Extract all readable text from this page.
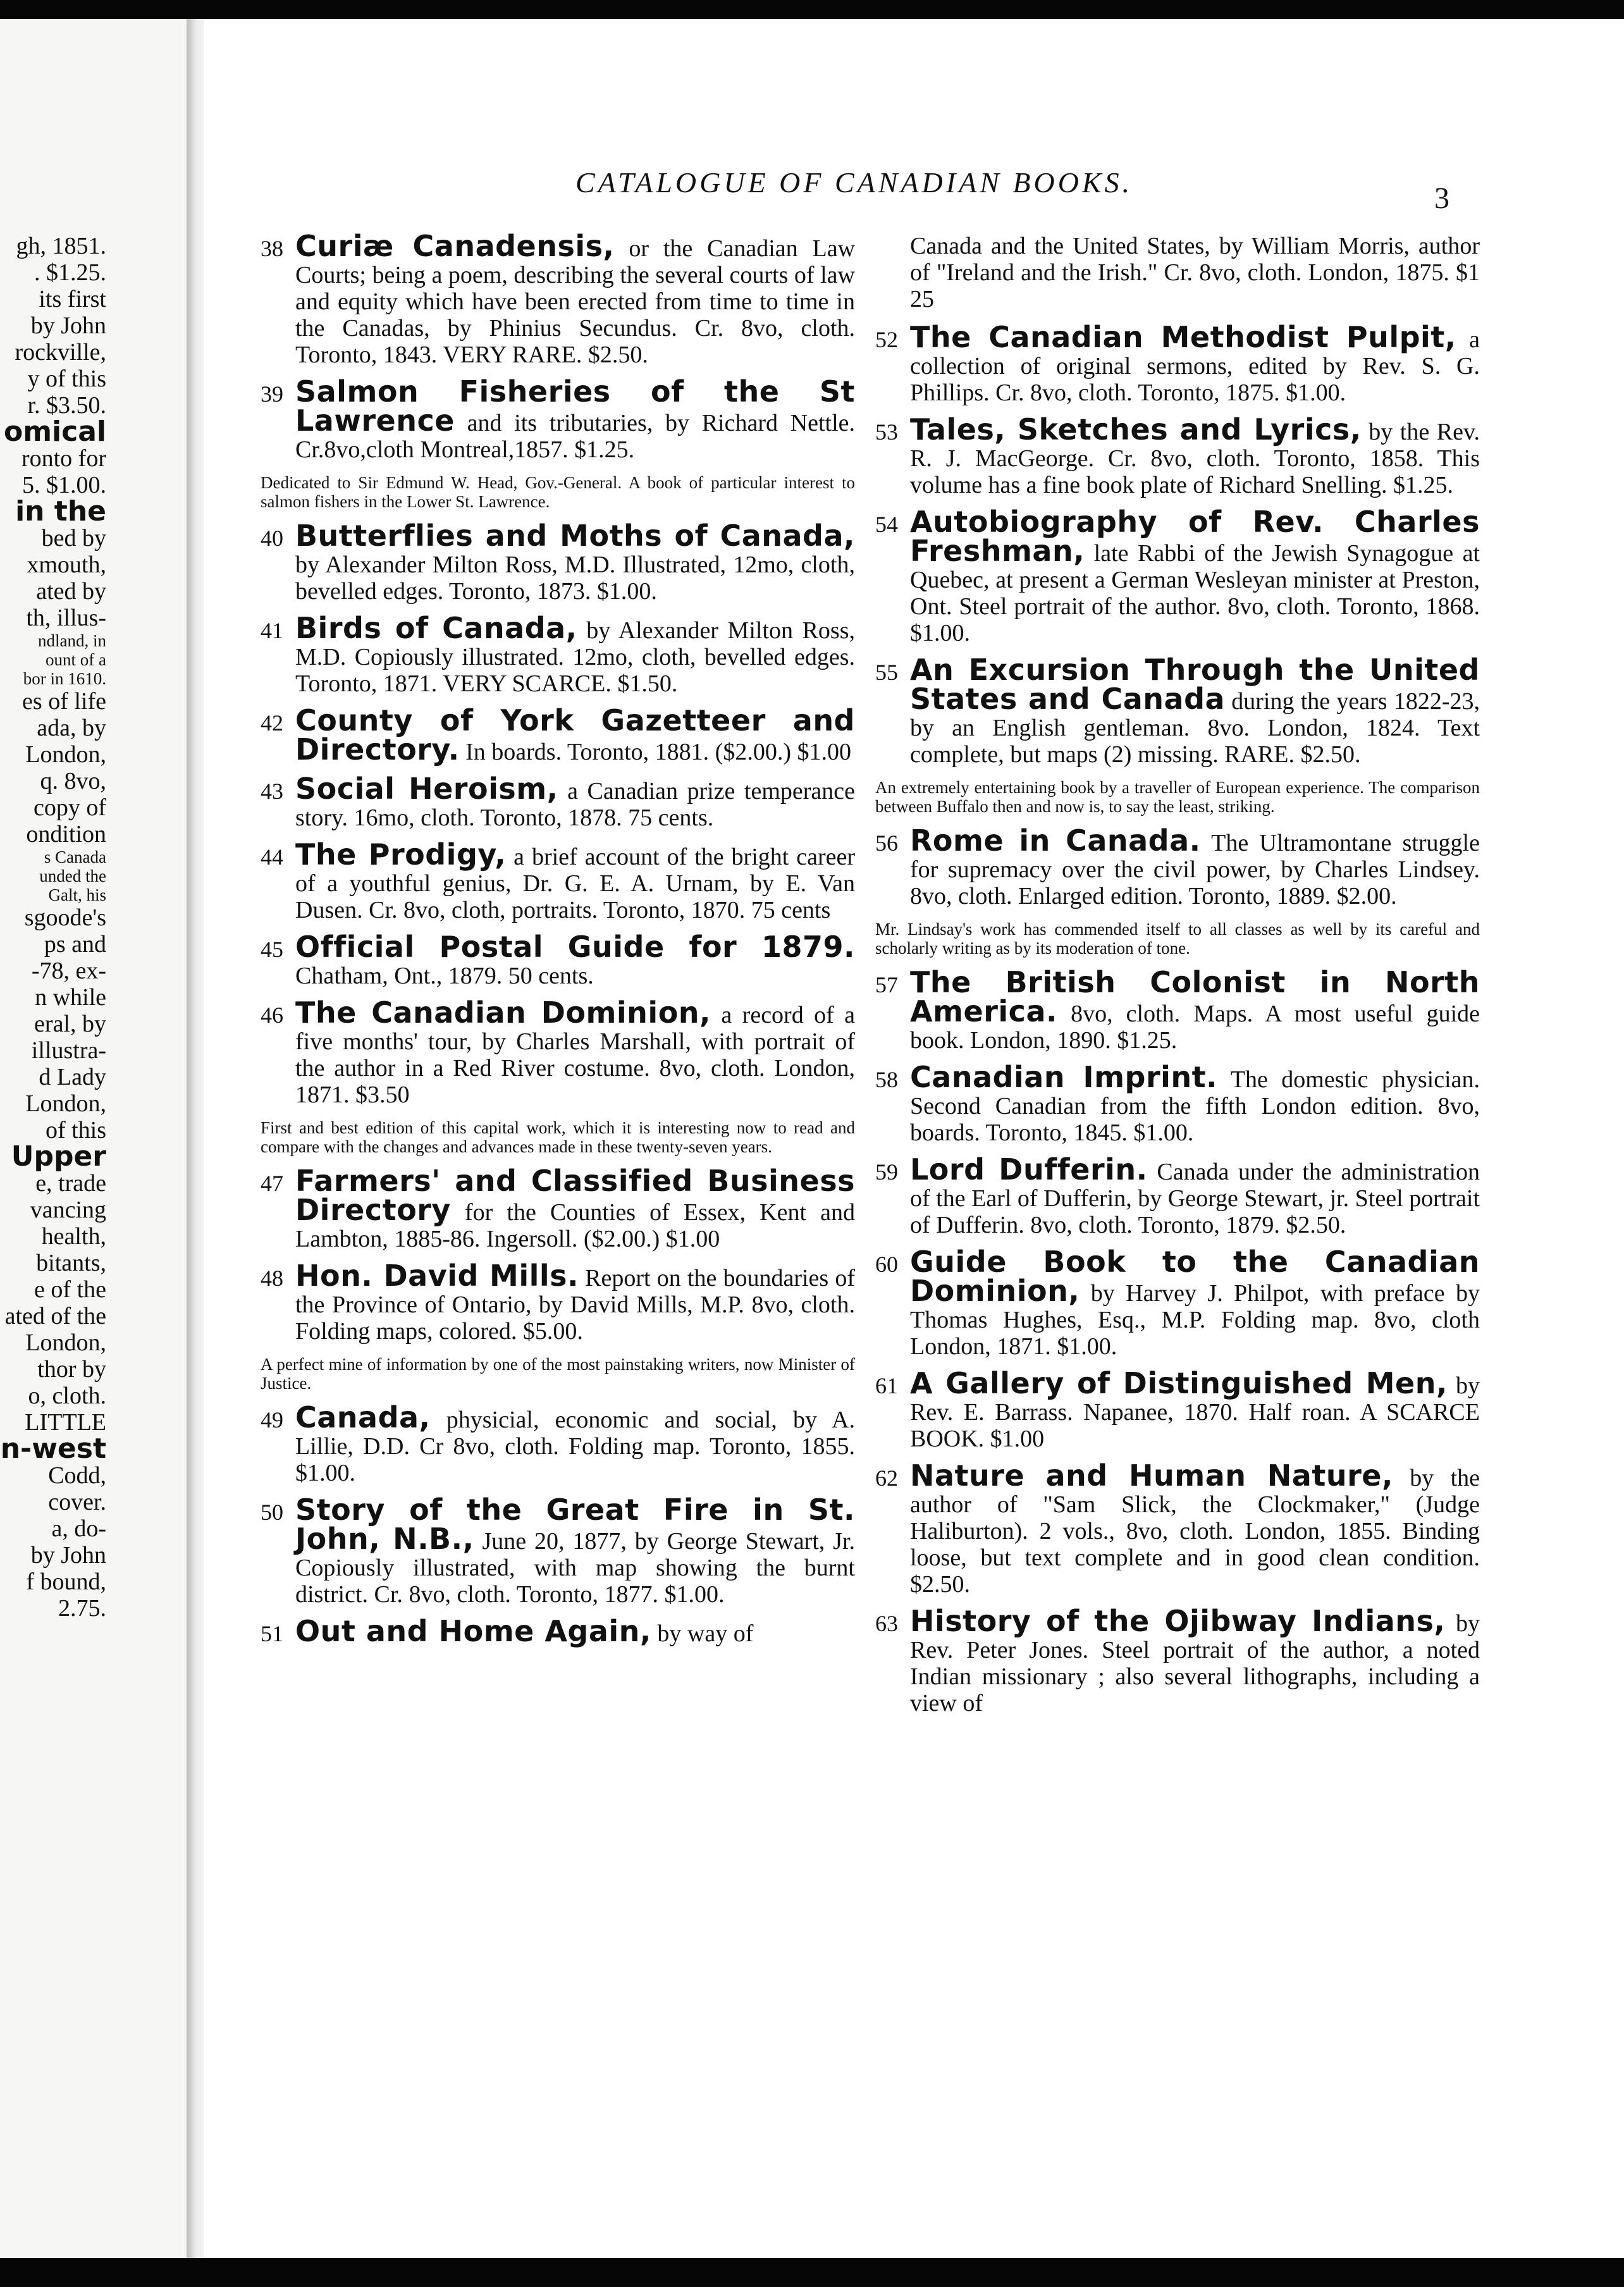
gh, 1851.
. $1.25.
its first
by John
rockville,
y of this
r. $3.50.
omical
ronto for
5. $1.00.
in the
bed by
xmouth,
ated by
th, illus-
ndland, in
ount of a
bor in 1610.
es of life
ada, by
London,
q. 8vo,
copy of
ondition
s Canada
unded the
Galt, his
sgoode's
ps and
-78, ex-
n while
eral, by
illustra-
d Lady
London,
of this
Upper
e, trade
vancing
health,
bitants,
e of the
ated of the
London,
thor by
o, cloth.
LITTLE
n-west
Codd,
cover.
a, do-
by John
f bound,
2.75.
CATALOGUE OF CANADIAN BOOKS.	3
38 Curiæ Canadensis, or the Canadian Law Courts; being a poem, describing the several courts of law and equity which have been erected from time to time in the Canadas, by Phinius Secundus. Cr. 8vo, cloth. Toronto, 1843. VERY RARE. $2.50.
39 Salmon Fisheries of the St Lawrence and its tributaries, by Richard Nettle. Cr.8vo,cloth Montreal,1857. $1.25.
Dedicated to Sir Edmund W. Head, Gov.-General. A book of particular interest to salmon fishers in the Lower St. Lawrence.
40 Butterflies and Moths of Canada, by Alexander Milton Ross, M.D. Illustrated, 12mo, cloth, bevelled edges. Toronto, 1873. $1.00.
41 Birds of Canada, by Alexander Milton Ross, M.D. Copiously illustrated. 12mo, cloth, bevelled edges. Toronto, 1871. VERY SCARCE. $1.50.
42 County of York Gazetteer and Directory. In boards. Toronto, 1881. ($2.00.) $1.00
43 Social Heroism, a Canadian prize temperance story. 16mo, cloth. Toronto, 1878. 75 cents.
44 The Prodigy, a brief account of the bright career of a youthful genius, Dr. G. E. A. Urnam, by E. Van Dusen. Cr. 8vo, cloth, portraits. Toronto, 1870. 75 cents
45 Official Postal Guide for 1879. Chatham, Ont., 1879. 50 cents.
46 The Canadian Dominion, a record of a five months' tour, by Charles Marshall, with portrait of the author in a Red River costume. 8vo, cloth. London, 1871. $3.50
First and best edition of this capital work, which it is interesting now to read and compare with the changes and advances made in these twenty-seven years.
47 Farmers' and Classified Business Directory for the Counties of Essex, Kent and Lambton, 1885-86. Ingersoll. ($2.00.) $1.00
48 Hon. David Mills. Report on the boundaries of the Province of Ontario, by David Mills, M.P. 8vo, cloth. Folding maps, colored. $5.00.
A perfect mine of information by one of the most painstaking writers, now Minister of Justice.
49 Canada, physicial, economic and social, by A. Lillie, D.D. Cr 8vo, cloth. Folding map. Toronto, 1855. $1.00.
50 Story of the Great Fire in St. John, N.B., June 20, 1877, by George Stewart, Jr. Copiously illustrated, with map showing the burnt district. Cr. 8vo, cloth. Toronto, 1877. $1.00.
51 Out and Home Again, by way of
Canada and the United States, by William Morris, author of "Ireland and the Irish." Cr. 8vo, cloth. London, 1875. $1 25
52 The Canadian Methodist Pulpit, a collection of original sermons, edited by Rev. S. G. Phillips. Cr. 8vo, cloth. Toronto, 1875. $1.00.
53 Tales, Sketches and Lyrics, by the Rev. R. J. MacGeorge. Cr. 8vo, cloth. Toronto, 1858. This volume has a fine book plate of Richard Snelling. $1.25.
54 Autobiography of Rev. Charles Freshman, late Rabbi of the Jewish Synagogue at Quebec, at present a German Wesleyan minister at Preston, Ont. Steel portrait of the author. 8vo, cloth. Toronto, 1868. $1.00.
55 An Excursion Through the United States and Canada during the years 1822-23, by an English gentleman. 8vo. London, 1824. Text complete, but maps (2) missing. RARE. $2.50.
An extremely entertaining book by a traveller of European experience. The comparison between Buffalo then and now is, to say the least, striking.
56 Rome in Canada. The Ultramontane struggle for supremacy over the civil power, by Charles Lindsey. 8vo, cloth. Enlarged edition. Toronto, 1889. $2.00.
Mr. Lindsay's work has commended itself to all classes as well by its careful and scholarly writing as by its moderation of tone.
57 The British Colonist in North America. 8vo, cloth. Maps. A most useful guide book. London, 1890. $1.25.
58 Canadian Imprint. The domestic physician. Second Canadian from the fifth London edition. 8vo, boards. Toronto, 1845. $1.00.
59 Lord Dufferin. Canada under the administration of the Earl of Dufferin, by George Stewart, jr. Steel portrait of Dufferin. 8vo, cloth. Toronto, 1879. $2.50.
60 Guide Book to the Canadian Dominion, by Harvey J. Philpot, with preface by Thomas Hughes, Esq., M.P. Folding map. 8vo, cloth London, 1871. $1.00.
61 A Gallery of Distinguished Men, by Rev. E. Barrass. Napanee, 1870. Half roan. A SCARCE BOOK. $1.00
62 Nature and Human Nature, by the author of "Sam Slick, the Clockmaker," (Judge Haliburton). 2 vols., 8vo, cloth. London, 1855. Binding loose, but text complete and in good clean condition. $2.50.
63 History of the Ojibway Indians, by Rev. Peter Jones. Steel portrait of the author, a noted Indian missionary ; also several lithographs, including a view of
